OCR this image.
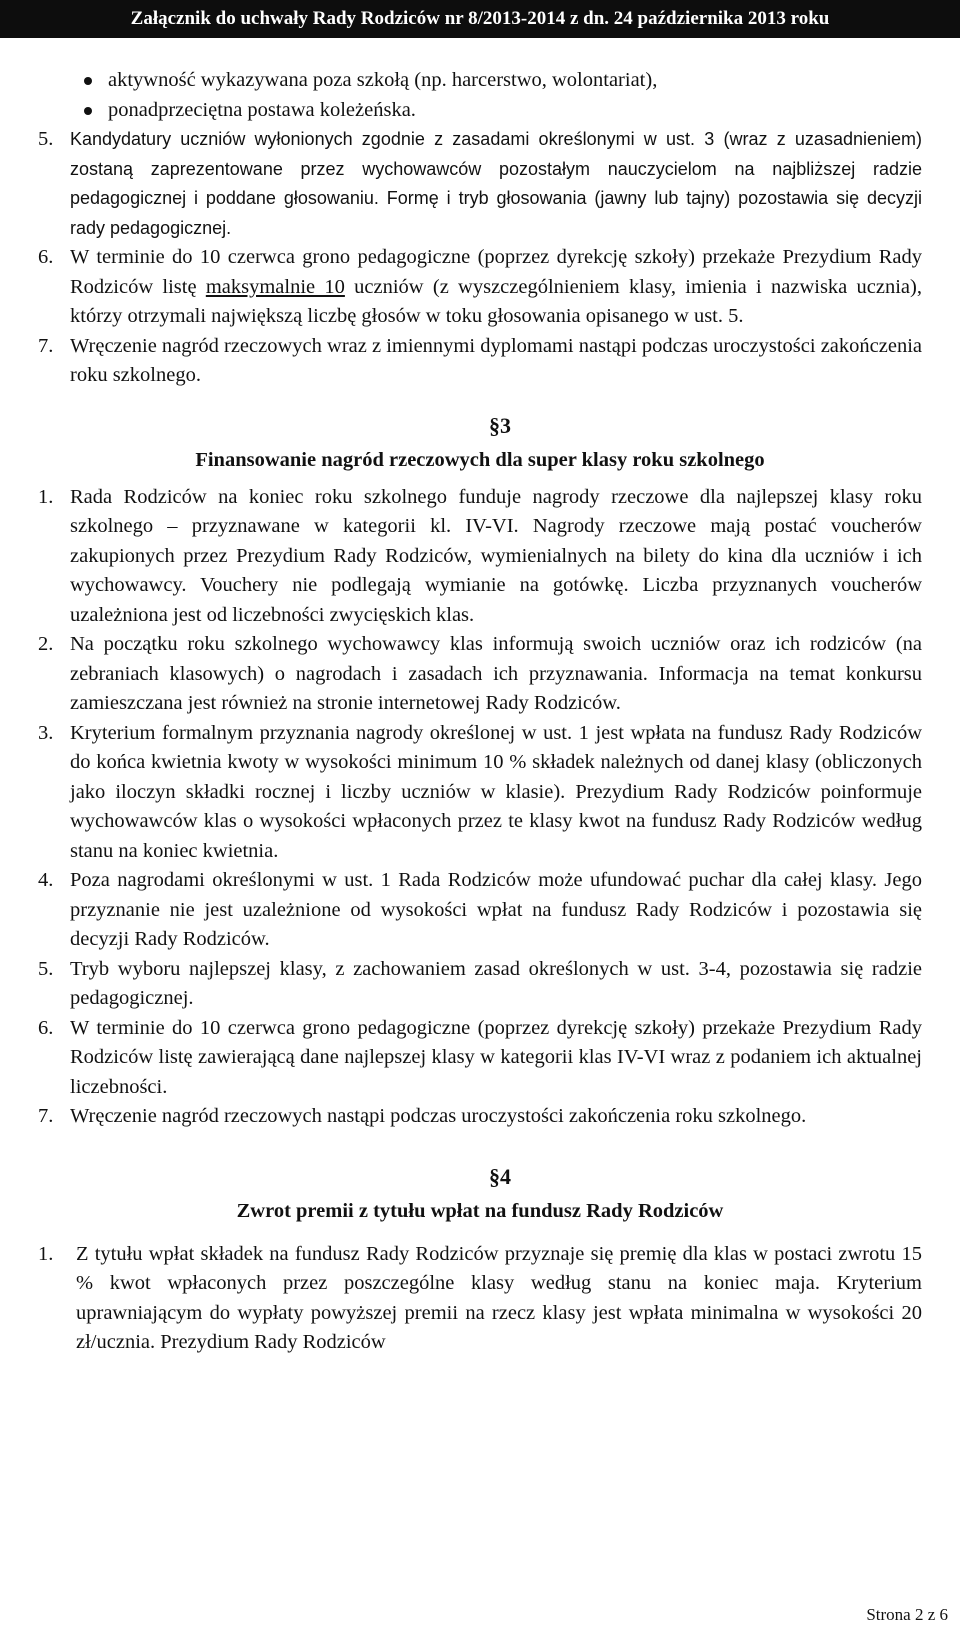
Załącznik do uchwały Rady Rodziców nr 8/2013-2014 z dn. 24 października 2013 roku
aktywność wykazywana poza szkołą (np. harcerstwo, wolontariat),
ponadprzeciętna postawa koleżeńska.
5. Kandydatury uczniów wyłonionych zgodnie z zasadami określonymi w ust. 3 (wraz z uzasadnieniem) zostaną zaprezentowane przez wychowawców pozostałym nauczycielom na najbliższej radzie pedagogicznej i poddane głosowaniu. Formę i tryb głosowania (jawny lub tajny) pozostawia się decyzji rady pedagogicznej.
6. W terminie do 10 czerwca grono pedagogiczne (poprzez dyrekcję szkoły) przekaże Prezydium Rady Rodziców listę maksymalnie 10 uczniów (z wyszczególnieniem klasy, imienia i nazwiska ucznia), którzy otrzymali największą liczbę głosów w toku głosowania opisanego w ust. 5.
7. Wręczenie nagród rzeczowych wraz z imiennymi dyplomami nastąpi podczas uroczystości zakończenia roku szkolnego.
§3
Finansowanie nagród rzeczowych dla super klasy roku szkolnego
1. Rada Rodziców na koniec roku szkolnego funduje nagrody rzeczowe dla najlepszej klasy roku szkolnego – przyznawane w kategorii kl. IV-VI. Nagrody rzeczowe mają postać voucherów zakupionych przez Prezydium Rady Rodziców, wymienialnych na bilety do kina dla uczniów i ich wychowawcy. Vouchery nie podlegają wymianie na gotówkę. Liczba przyznanych voucherów uzależniona jest od liczebności zwycięskich klas.
2. Na początku roku szkolnego wychowawcy klas informują swoich uczniów oraz ich rodziców (na zebraniach klasowych) o nagrodach i zasadach ich przyznawania. Informacja na temat konkursu zamieszczana jest również na stronie internetowej Rady Rodziców.
3. Kryterium formalnym przyznania nagrody określonej w ust. 1 jest wpłata na fundusz Rady Rodziców do końca kwietnia kwoty w wysokości minimum 10 % składek należnych od danej klasy (obliczonych jako iloczyn składki rocznej i liczby uczniów w klasie). Prezydium Rady Rodziców poinformuje wychowawców klas o wysokości wpłaconych przez te klasy kwot na fundusz Rady Rodziców według stanu na koniec kwietnia.
4. Poza nagrodami określonymi w ust. 1 Rada Rodziców może ufundować puchar dla całej klasy. Jego przyznanie nie jest uzależnione od wysokości wpłat na fundusz Rady Rodziców i pozostawia się decyzji Rady Rodziców.
5. Tryb wyboru najlepszej klasy, z zachowaniem zasad określonych w ust. 3-4, pozostawia się radzie pedagogicznej.
6. W terminie do 10 czerwca grono pedagogiczne (poprzez dyrekcję szkoły) przekaże Prezydium Rady Rodziców listę zawierającą dane najlepszej klasy w kategorii klas IV-VI wraz z podaniem ich aktualnej liczebności.
7. Wręczenie nagród rzeczowych nastąpi podczas uroczystości zakończenia roku szkolnego.
§4
Zwrot premii z tytułu wpłat na fundusz Rady Rodziców
1.	Z tytułu wpłat składek na fundusz Rady Rodziców przyznaje się premię dla klas w postaci zwrotu 15 % kwot wpłaconych przez poszczególne klasy według stanu na koniec maja. Kryterium uprawniającym do wypłaty powyższej premii na rzecz klasy jest wpłata minimalna w wysokości 20 zł/ucznia. Prezydium Rady Rodziców
Strona 2 z 6
